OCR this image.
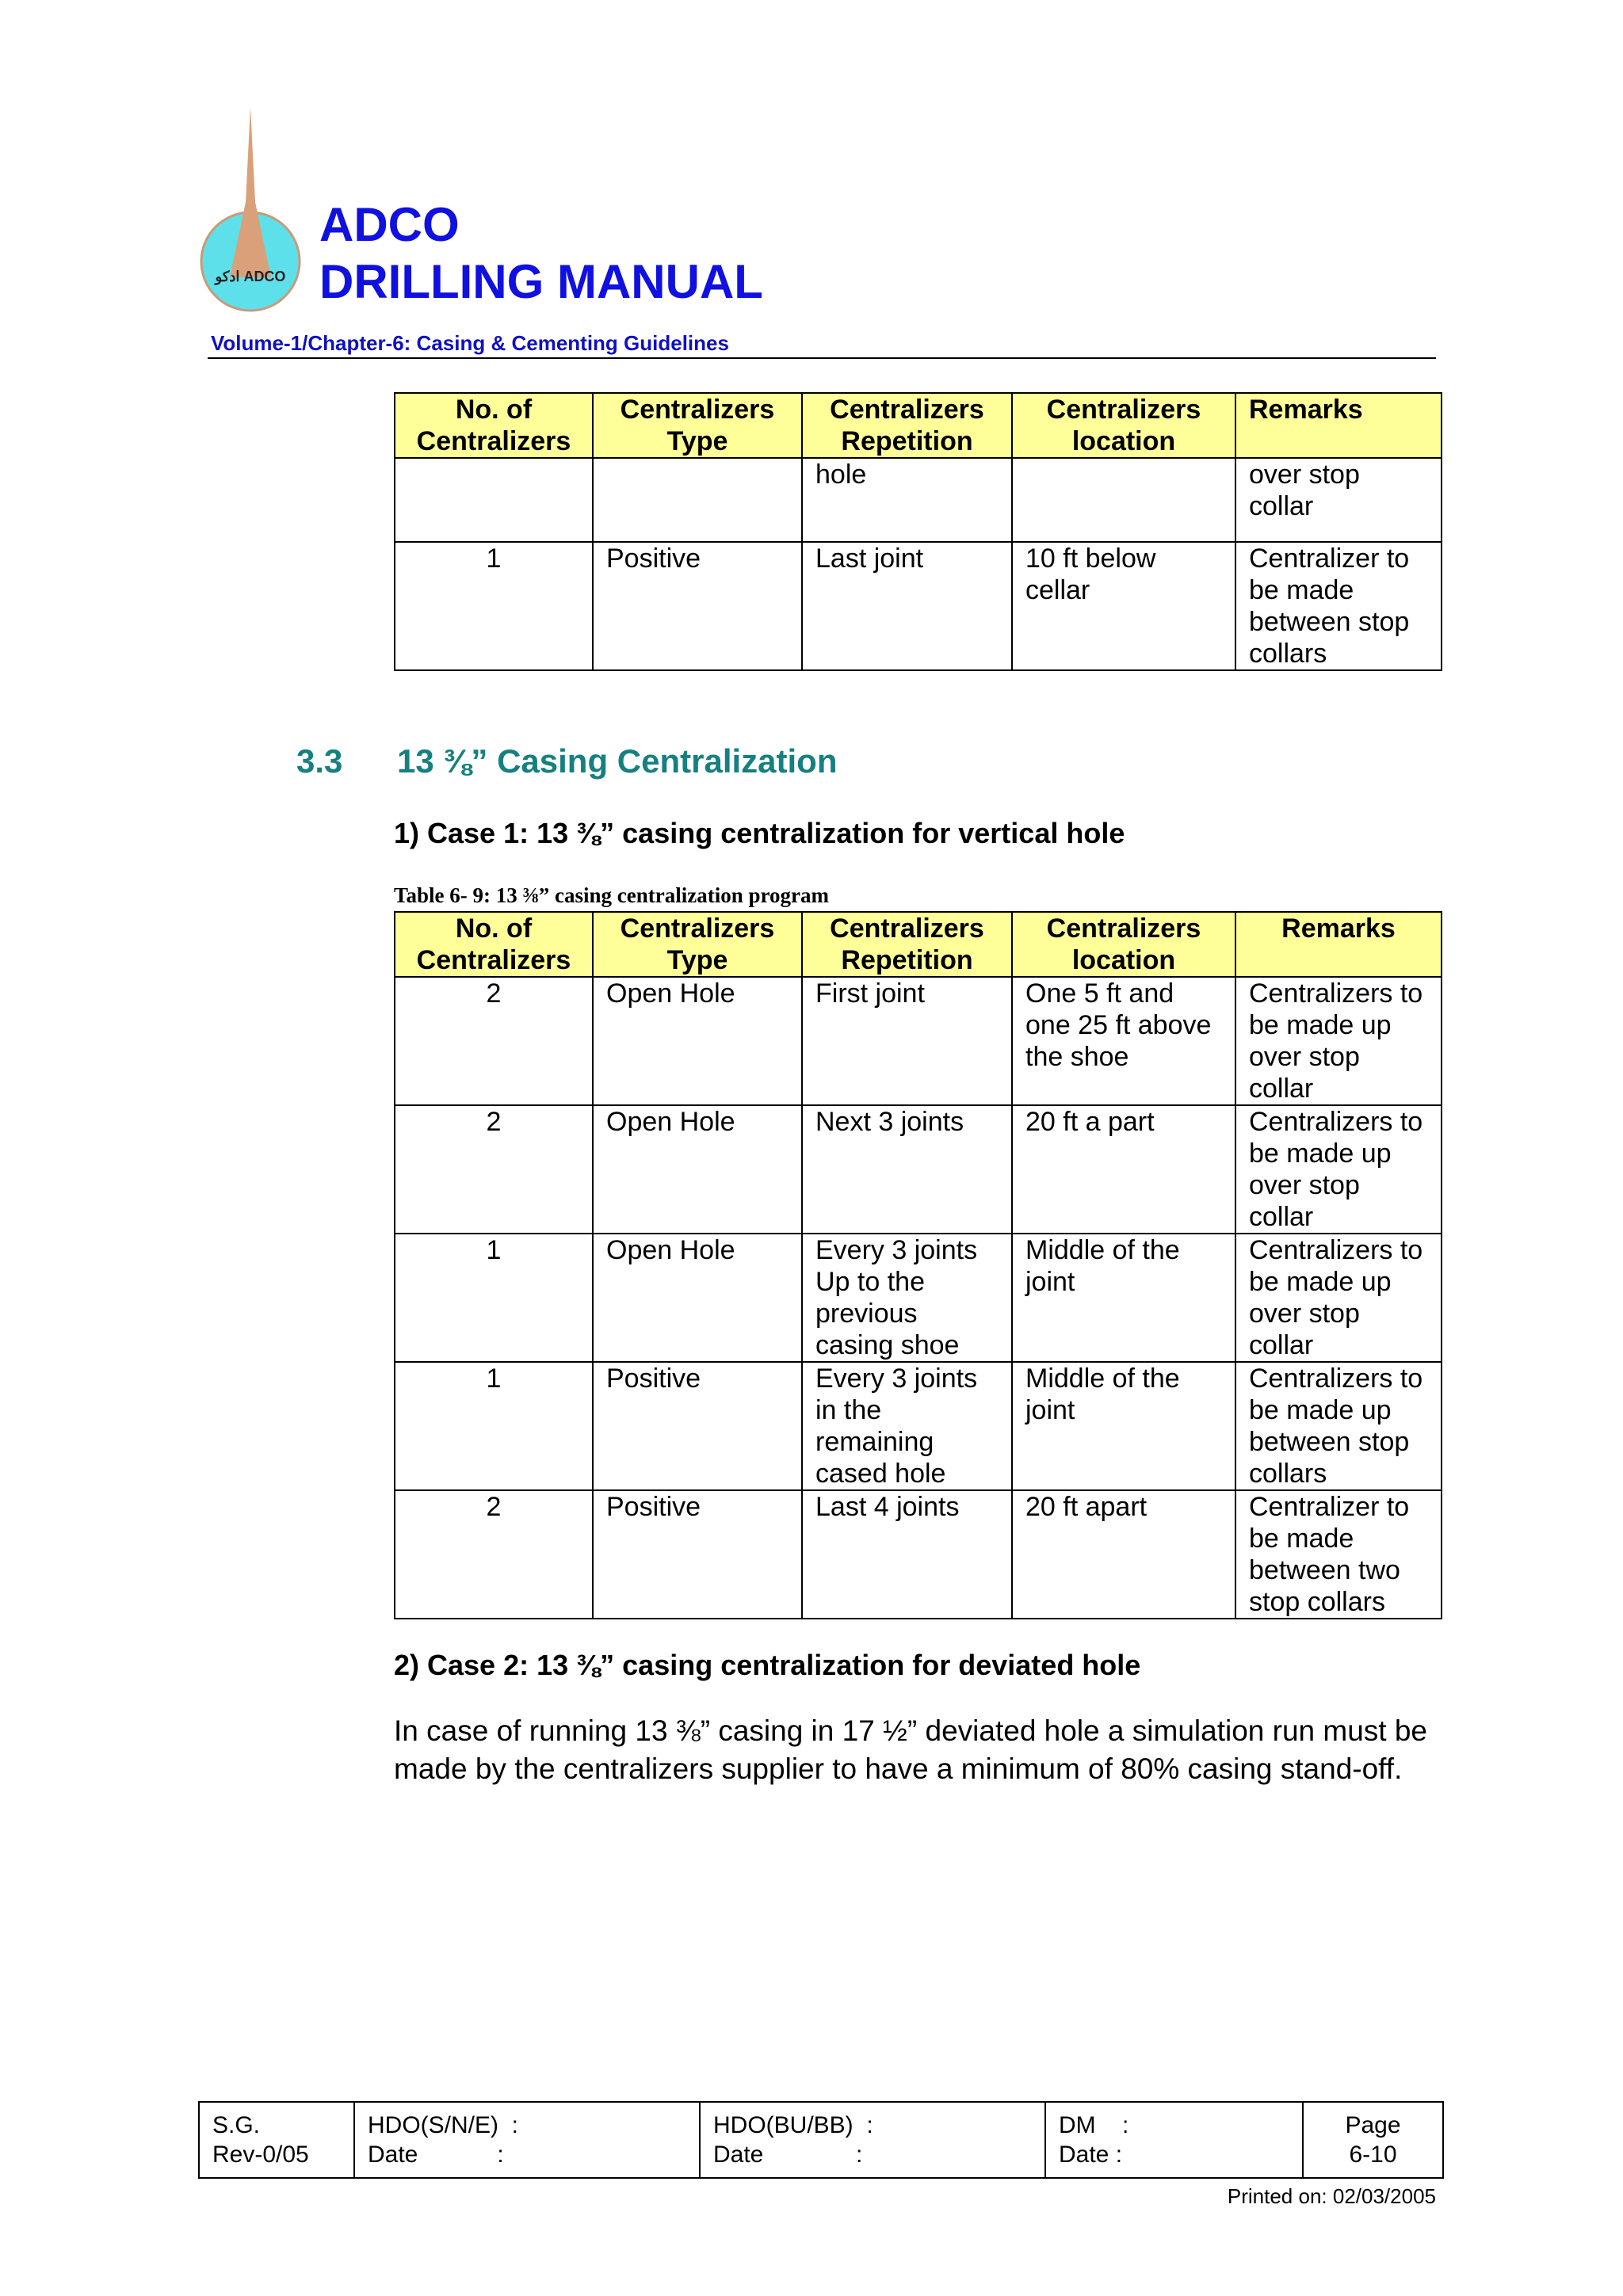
ادكو ADCO
ADCO
DRILLING MANUAL
Volume-1/Chapter-6: Casing & Cementing Guidelines
No. of Centralizers	Centralizers Type	Centralizers Repetition	Centralizers location	Remarks
		hole		over stop collar
1	Positive	Last joint	10 ft below cellar	Centralizer to be made between stop collars
3.3 13 ⅜” Casing Centralization
1) Case 1: 13 ⅜” casing centralization for vertical hole
Table 6- 9: 13 ⅜” casing centralization program
No. of Centralizers	Centralizers Type	Centralizers Repetition	Centralizers location	Remarks
2	Open Hole	First joint	One 5 ft and one 25 ft above the shoe	Centralizers to be made up over stop collar
2	Open Hole	Next 3 joints	20 ft a part	Centralizers to be made up over stop collar
1	Open Hole	Every 3 joints Up to the previous casing shoe	Middle of the joint	Centralizers to be made up over stop collar
1	Positive	Every 3 joints in the remaining cased hole	Middle of the joint	Centralizers to be made up between stop collars
2	Positive	Last 4 joints	20 ft apart	Centralizer to be made between two stop collars
2) Case 2: 13 ⅜” casing centralization for deviated hole

In case of running 13 ⅜” casing in 17 ½” deviated hole a simulation run must be made by the centralizers supplier to have a minimum of 80% casing stand-off.

S.G.
Rev-0/05

HDO(S/N/E)  :
Date            :

HDO(BU/BB)  :
Date              :

DM    :
Date :

Page
6-10
Printed on: 02/03/2005
